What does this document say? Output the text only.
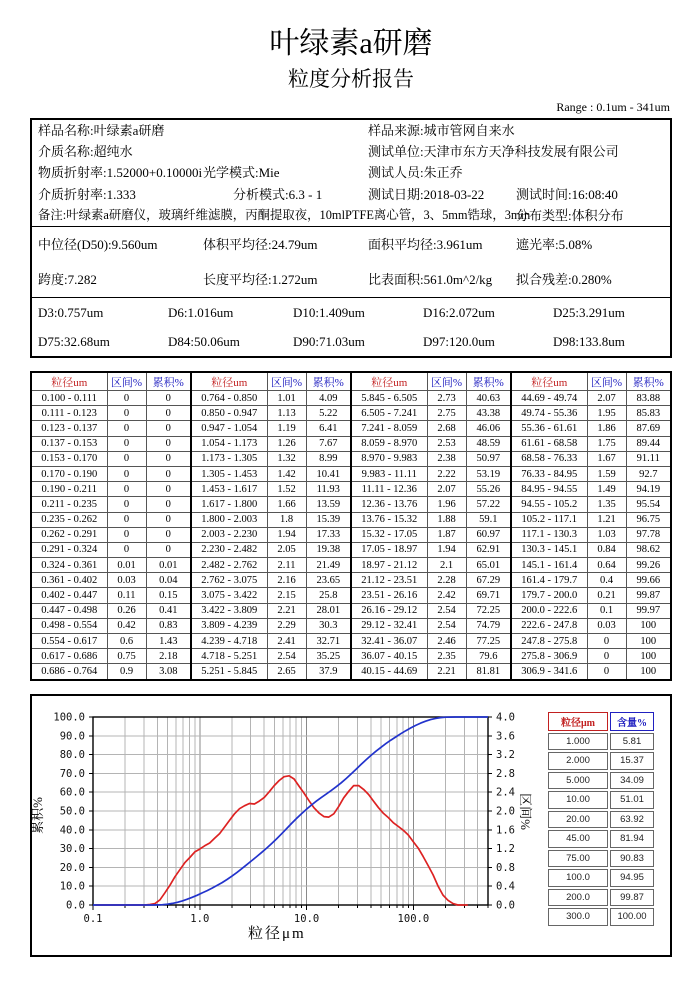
叶绿素a研磨
粒度分析报告
Range : 0.1um - 341um
样品名称:叶绿素a研磨	样品来源:城市管网自来水
介质名称:超纯水	测试单位:天津市东方天净科技发展有限公司
物质折射率:1.52000+0.10000i 光学模式:Mie	测试人员:朱正乔
介质折射率:1.333	分析模式:6.3 - 1	测试日期:2018-03-22 测试时间:16:08:40
备注:叶绿素a研磨仪，玻璃纤维滤膜，丙酮提取夜，10mlPTFE离心管，3、5mm锆球，3min
分布类型:体积分布
中位径(D50):9.560um	体积平均径:24.79um	面积平均径:3.961um	遮光率:5.08%
跨度:7.282	长度平均径:1.272um	比表面积:561.0m^2/kg 拟合残差:0.280%
D3:0.757um	D6:1.016um	D10:1.409um	D16:2.072um	D25:3.291um
D75:32.68um	D84:50.06um	D90:71.03um	D97:120.0um	D98:133.8um
粒径um	区间%	累积%	粒径um	区间%	累积%	粒径um	区间%	累积%	粒径um	区间%	累积%
0.100 - 0.111	0	0	0.764 - 0.850	1.01	4.09	5.845 - 6.505	2.73	40.63	44.69 - 49.74	2.07	83.88
0.111 - 0.123	0	0	0.850 - 0.947	1.13	5.22	6.505 - 7.241	2.75	43.38	49.74 - 55.36	1.95	85.83
0.123 - 0.137	0	0	0.947 - 1.054	1.19	6.41	7.241 - 8.059	2.68	46.06	55.36 - 61.61	1.86	87.69
0.137 - 0.153	0	0	1.054 - 1.173	1.26	7.67	8.059 - 8.970	2.53	48.59	61.61 - 68.58	1.75	89.44
0.153 - 0.170	0	0	1.173 - 1.305	1.32	8.99	8.970 - 9.983	2.38	50.97	68.58 - 76.33	1.67	91.11
0.170 - 0.190	0	0	1.305 - 1.453	1.42	10.41	9.983 - 11.11	2.22	53.19	76.33 - 84.95	1.59	92.7
0.190 - 0.211	0	0	1.453 - 1.617	1.52	11.93	11.11 - 12.36	2.07	55.26	84.95 - 94.55	1.49	94.19
0.211 - 0.235	0	0	1.617 - 1.800	1.66	13.59	12.36 - 13.76	1.96	57.22	94.55 - 105.2	1.35	95.54
0.235 - 0.262	0	0	1.800 - 2.003	1.8	15.39	13.76 - 15.32	1.88	59.1	105.2 - 117.1	1.21	96.75
0.262 - 0.291	0	0	2.003 - 2.230	1.94	17.33	15.32 - 17.05	1.87	60.97	117.1 - 130.3	1.03	97.78
0.291 - 0.324	0	0	2.230 - 2.482	2.05	19.38	17.05 - 18.97	1.94	62.91	130.3 - 145.1	0.84	98.62
0.324 - 0.361	0.01	0.01	2.482 - 2.762	2.11	21.49	18.97 - 21.12	2.1	65.01	145.1 - 161.4	0.64	99.26
0.361 - 0.402	0.03	0.04	2.762 - 3.075	2.16	23.65	21.12 - 23.51	2.28	67.29	161.4 - 179.7	0.4	99.66
0.402 - 0.447	0.11	0.15	3.075 - 3.422	2.15	25.8	23.51 - 26.16	2.42	69.71	179.7 - 200.0	0.21	99.87
0.447 - 0.498	0.26	0.41	3.422 - 3.809	2.21	28.01	26.16 - 29.12	2.54	72.25	200.0 - 222.6	0.1	99.97
0.498 - 0.554	0.42	0.83	3.809 - 4.239	2.29	30.3	29.12 - 32.41	2.54	74.79	222.6 - 247.8	0.03	100
0.554 - 0.617	0.6	1.43	4.239 - 4.718	2.41	32.71	32.41 - 36.07	2.46	77.25	247.8 - 275.8	0	100
0.617 - 0.686	0.75	2.18	4.718 - 5.251	2.54	35.25	36.07 - 40.15	2.35	79.6	275.8 - 306.9	0	100
0.686 - 0.764	0.9	3.08	5.251 - 5.845	2.65	37.9	40.15 - 44.69	2.21	81.81	306.9 - 341.6	0	100
0.0
10.0
20.0
30.0
40.0
50.0
60.0
70.0
80.0
90.0
100.0
0.0
0.4
0.8
1.2
1.6
2.0
2.4
2.8
3.2
3.6
4.0
0.1	1.0	10.0	100.0
累积%	区间%
粒径μm
粒径μm	含量%
1.000	5.81
2.000	15.37
5.000	34.09
10.00	51.01
20.00	63.92
45.00	81.94
75.00	90.83
100.0	94.95
200.0	99.87
300.0	100.00
